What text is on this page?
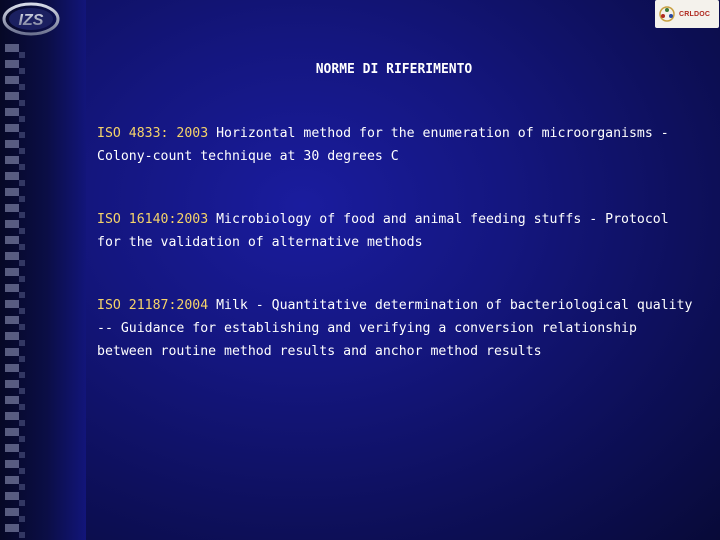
IZS	CRLDOC
NORME DI RIFERIMENTO
ISO 4833: 2003 Horizontal method for the enumeration of microorganisms - Colony-count technique at 30 degrees C
ISO 16140:2003 Microbiology of food and animal feeding stuffs - Protocol for the validation of alternative methods
ISO 21187:2004 Milk - Quantitative determination of bacteriological quality -- Guidance for establishing and verifying a conversion relationship between routine method results and anchor method results
